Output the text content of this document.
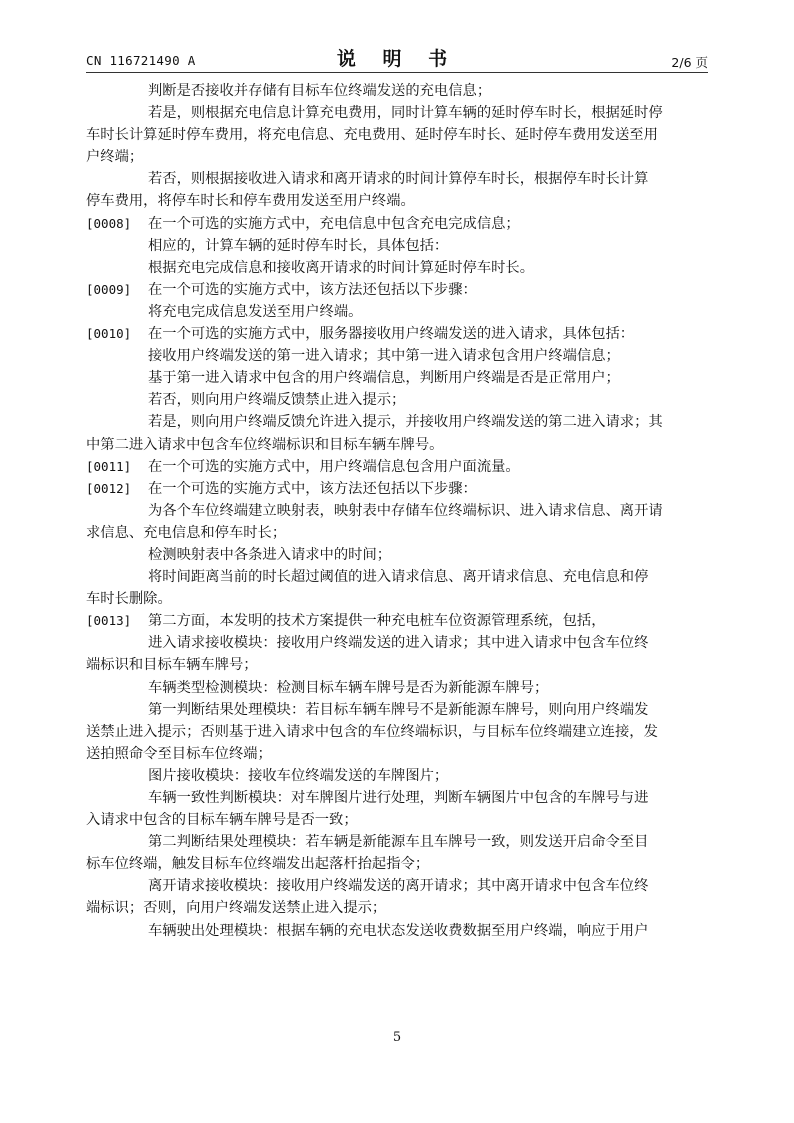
CN 116721490 A	说 明 书	2/6 页
判断是否接收并存储有目标车位终端发送的充电信息；
若是，则根据充电信息计算充电费用，同时计算车辆的延时停车时长，根据延时停
车时长计算延时停车费用，将充电信息、充电费用、延时停车时长、延时停车费用发送至用
户终端；
若否，则根据接收进入请求和离开请求的时间计算停车时长，根据停车时长计算
停车费用，将停车时长和停车费用发送至用户终端。
[0008] 在一个可选的实施方式中，充电信息中包含充电完成信息；
相应的，计算车辆的延时停车时长，具体包括：
根据充电完成信息和接收离开请求的时间计算延时停车时长。
[0009] 在一个可选的实施方式中，该方法还包括以下步骤：
将充电完成信息发送至用户终端。
[0010] 在一个可选的实施方式中，服务器接收用户终端发送的进入请求，具体包括：
接收用户终端发送的第一进入请求；其中第一进入请求包含用户终端信息；
基于第一进入请求中包含的用户终端信息，判断用户终端是否是正常用户；
若否，则向用户终端反馈禁止进入提示；
若是，则向用户终端反馈允许进入提示，并接收用户终端发送的第二进入请求；其
中第二进入请求中包含车位终端标识和目标车辆车牌号。
[0011] 在一个可选的实施方式中，用户终端信息包含用户面流量。
[0012] 在一个可选的实施方式中，该方法还包括以下步骤：
为各个车位终端建立映射表，映射表中存储车位终端标识、进入请求信息、离开请
求信息、充电信息和停车时长；
检测映射表中各条进入请求中的时间；
将时间距离当前的时长超过阈值的进入请求信息、离开请求信息、充电信息和停
车时长删除。
[0013] 第二方面，本发明的技术方案提供一种充电桩车位资源管理系统，包括，
进入请求接收模块：接收用户终端发送的进入请求；其中进入请求中包含车位终
端标识和目标车辆车牌号；
车辆类型检测模块：检测目标车辆车牌号是否为新能源车牌号；
第一判断结果处理模块：若目标车辆车牌号不是新能源车牌号，则向用户终端发
送禁止进入提示；否则基于进入请求中包含的车位终端标识，与目标车位终端建立连接，发
送拍照命令至目标车位终端；
图片接收模块：接收车位终端发送的车牌图片；
车辆一致性判断模块：对车牌图片进行处理，判断车辆图片中包含的车牌号与进
入请求中包含的目标车辆车牌号是否一致；
第二判断结果处理模块：若车辆是新能源车且车牌号一致，则发送开启命令至目
标车位终端，触发目标车位终端发出起落杆抬起指令；
离开请求接收模块：接收用户终端发送的离开请求；其中离开请求中包含车位终
端标识；否则，向用户终端发送禁止进入提示；
车辆驶出处理模块：根据车辆的充电状态发送收费数据至用户终端，响应于用户
5
